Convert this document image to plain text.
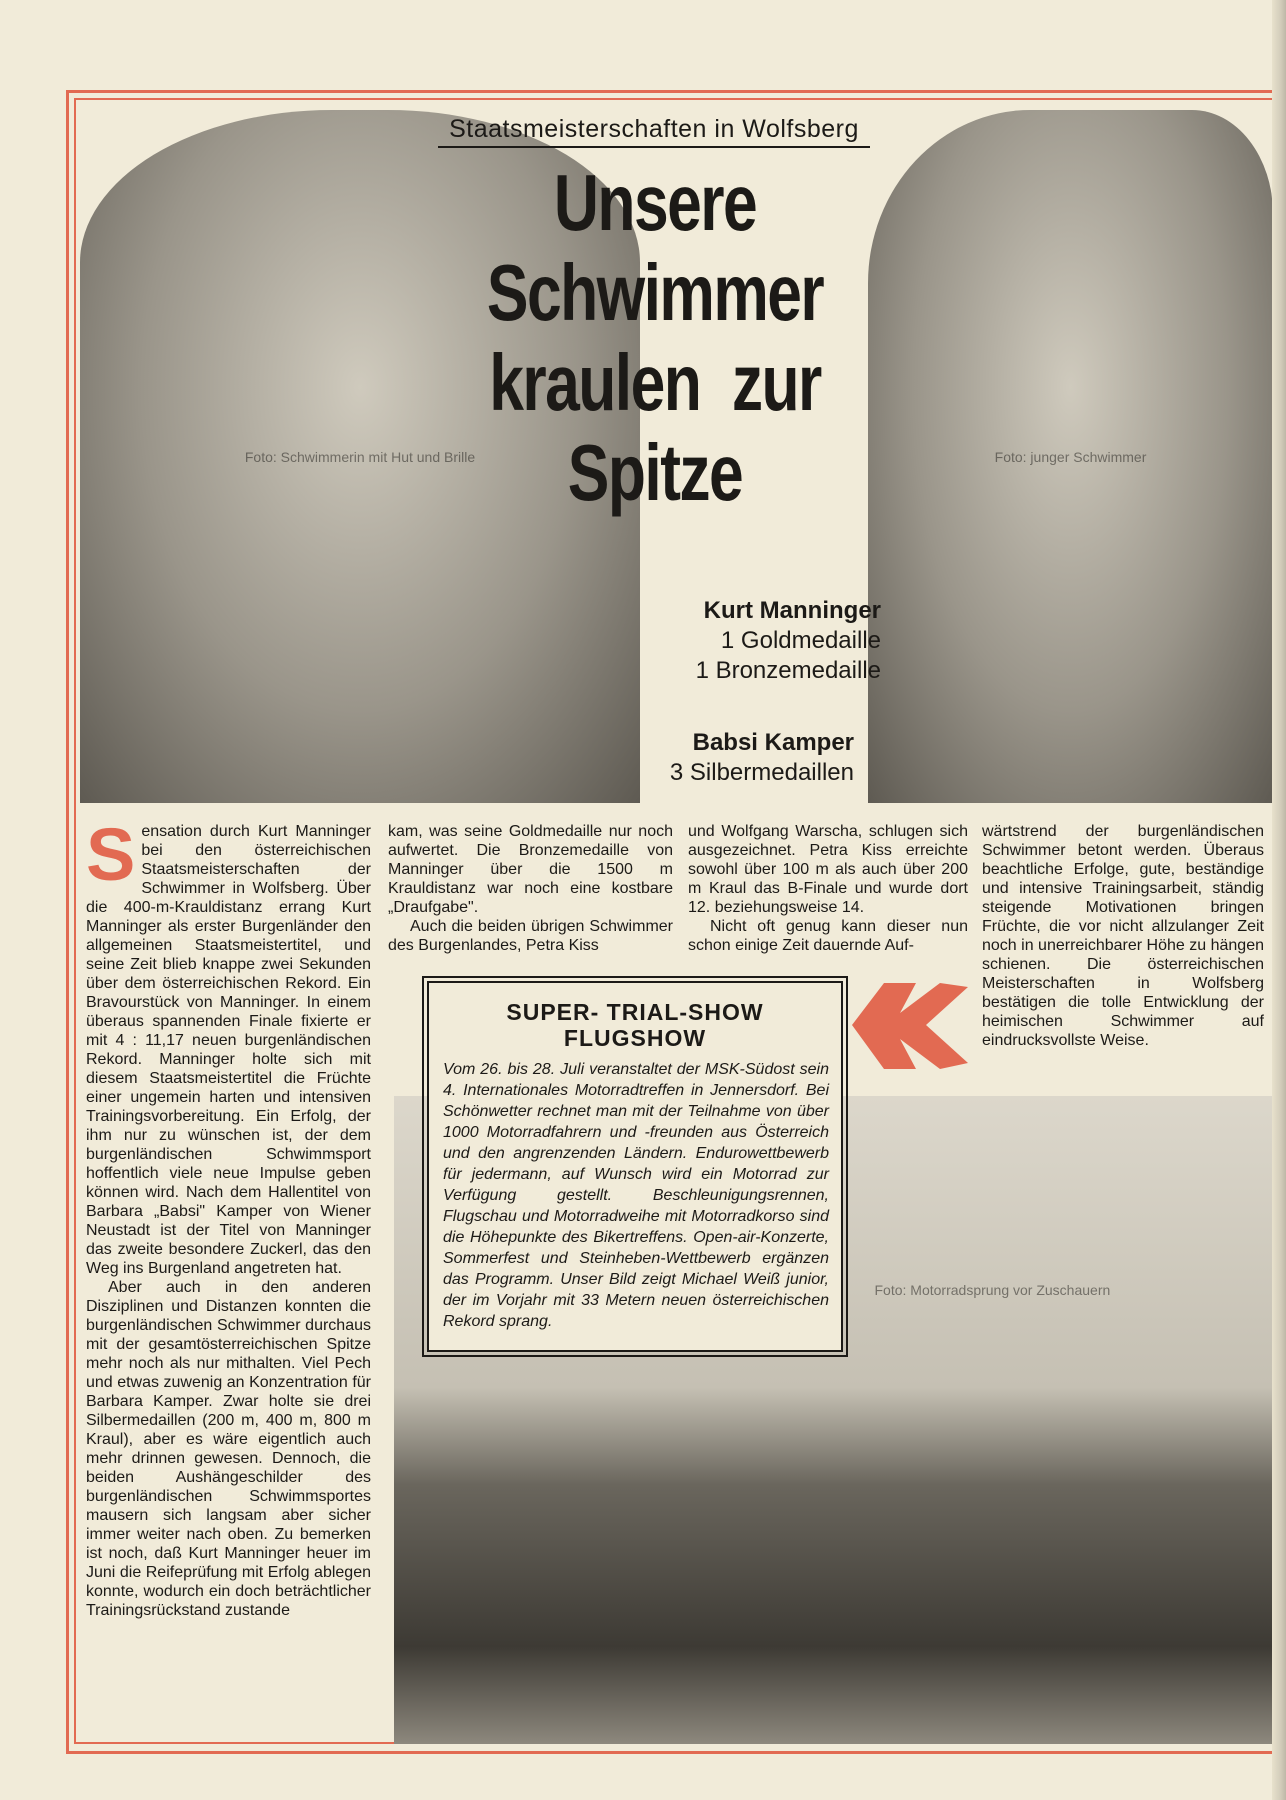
Foto: Schwimmerin mit Hut und Brille	Foto: junger Schwimmer
Foto: Motorradsprung vor Zuschauern
Staatsmeisterschaften in Wolfsberg
Unsere
Schwimmer
kraulen  zur
Spitze
Kurt Manninger
1 Goldmedaille
1 Bronzemedaille
Babsi Kamper
3 Silbermedaillen

Sensation durch Kurt Manninger bei den österreichischen Staatsmeisterschaften der Schwimmer in Wolfsberg. Über die 400-m-Krauldistanz errang Kurt Manninger als erster Burgenländer den allgemeinen Staatsmeistertitel, und seine Zeit blieb knappe zwei Sekunden über dem österreichischen Rekord. Ein Bravourstück von Manninger. In einem überaus spannenden Finale fixierte er mit 4 : 11,17 neuen burgenländischen Rekord. Manninger holte sich mit diesem Staatsmeistertitel die Früchte einer ungemein harten und intensiven Trainingsvorbereitung. Ein Erfolg, der ihm nur zu wünschen ist, der dem burgenländischen Schwimmsport hoffentlich viele neue Impulse geben können wird. Nach dem Hallentitel von Barbara „Babsi" Kamper von Wiener Neustadt ist der Titel von Manninger das zweite besondere Zuckerl, das den Weg ins Burgenland angetreten hat.

Aber auch in den anderen Disziplinen und Distanzen konnten die burgenländischen Schwimmer durchaus mit der gesamtösterreichischen Spitze mehr noch als nur mithalten. Viel Pech und etwas zuwenig an Konzentration für Barbara Kamper. Zwar holte sie drei Silbermedaillen (200 m, 400 m, 800 m Kraul), aber es wäre eigentlich auch mehr drinnen gewesen. Dennoch, die beiden Aushängeschilder des burgenländischen Schwimmsportes mausern sich langsam aber sicher immer weiter nach oben. Zu bemerken ist noch, daß Kurt Manninger heuer im Juni die Reifeprüfung mit Erfolg ablegen konnte, wodurch ein doch beträchtlicher Trainingsrückstand zustande

kam, was seine Goldmedaille nur noch aufwertet. Die Bronzemedaille von Manninger über die 1500 m Krauldistanz war noch eine kostbare „Draufgabe".

Auch die beiden übrigen Schwimmer des Burgenlandes, Petra Kiss

und Wolfgang Warscha, schlugen sich ausgezeichnet. Petra Kiss erreichte sowohl über 100 m als auch über 200 m Kraul das B-Finale und wurde dort 12. beziehungsweise 14.

Nicht oft genug kann dieser nun schon einige Zeit dauernde Auf-

wärtstrend der burgenländischen Schwimmer betont werden. Überaus beachtliche Erfolge, gute, beständige und intensive Trainingsarbeit, ständig steigende Motivationen bringen Früchte, die vor nicht allzulanger Zeit noch in unerreichbarer Höhe zu hängen schienen. Die österreichischen Meisterschaften in Wolfsberg bestätigen die tolle Entwicklung der heimischen Schwimmer auf eindrucksvollste Weise.

SUPER- TRIAL-SHOW
FLUGSHOW
Vom 26. bis 28. Juli veranstaltet der MSK-Südost sein 4. Internationales Motorradtreffen in Jennersdorf. Bei Schönwetter rechnet man mit der Teilnahme von über 1000 Motorradfahrern und -freunden aus Österreich und den angrenzenden Ländern. Endurowettbewerb für jedermann, auf Wunsch wird ein Motorrad zur Verfügung gestellt. Beschleunigungsrennen, Flugschau und Motorradweihe mit Motorradkorso sind die Höhepunkte des Bikertreffens. Open-air-Konzerte, Sommerfest und Steinheben-Wettbewerb ergänzen das Programm. Unser Bild zeigt Michael Weiß junior, der im Vorjahr mit 33 Metern neuen österreichischen Rekord sprang.
